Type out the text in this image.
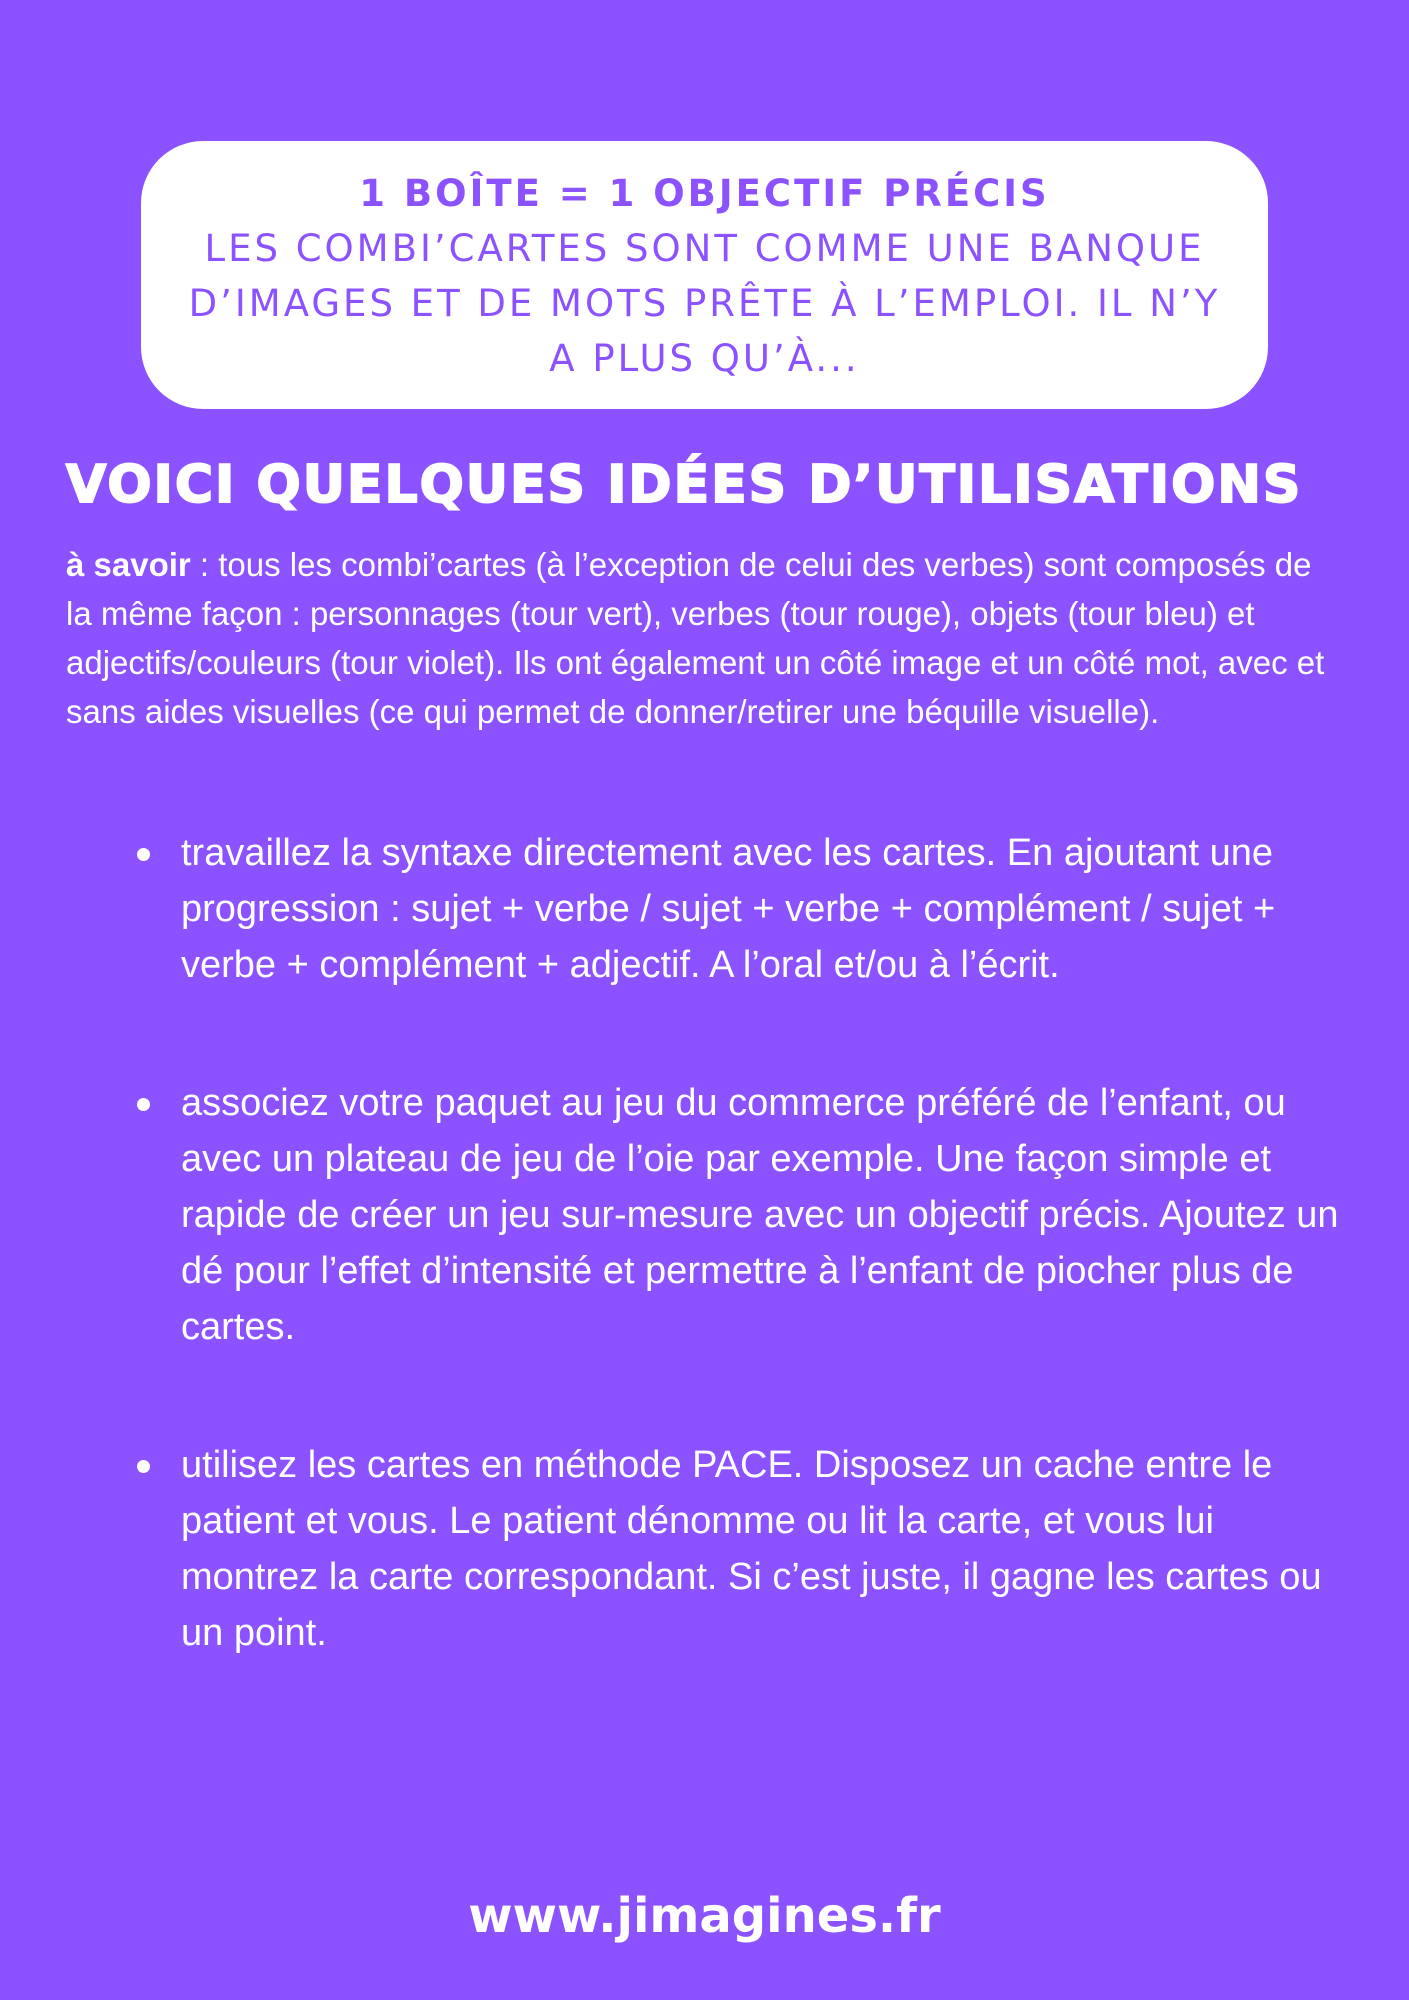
1 BOÎTE = 1 OBJECTIF PRÉCIS
LES COMBI’CARTES SONT COMME UNE BANQUE D’IMAGES ET DE MOTS PRÊTE À L’EMPLOI. IL N’Y A PLUS QU’À...
VOICI QUELQUES IDÉES D’UTILISATIONS
à savoir : tous les combi’cartes (à l’exception de celui des verbes) sont composés de la même façon : personnages (tour vert), verbes (tour rouge), objets (tour bleu) et adjectifs/couleurs (tour violet). Ils ont également un côté image et un côté mot, avec et sans aides visuelles (ce qui permet de donner/retirer une béquille visuelle).
travaillez la syntaxe directement avec les cartes. En ajoutant une progression : sujet + verbe / sujet + verbe + complément / sujet + verbe + complément + adjectif. A l’oral et/ou à l’écrit.
associez votre paquet au jeu du commerce préféré de l’enfant, ou avec un plateau de jeu de l’oie par exemple. Une façon simple et rapide de créer un jeu sur-mesure avec un objectif précis. Ajoutez un dé pour l’effet d’intensité et permettre à l’enfant de piocher plus de cartes.
utilisez les cartes en méthode PACE. Disposez un cache entre le patient et vous. Le patient dénomme ou lit la carte, et vous lui montrez la carte correspondant. Si c’est juste, il gagne les cartes ou un point.
www.jimagines.fr
